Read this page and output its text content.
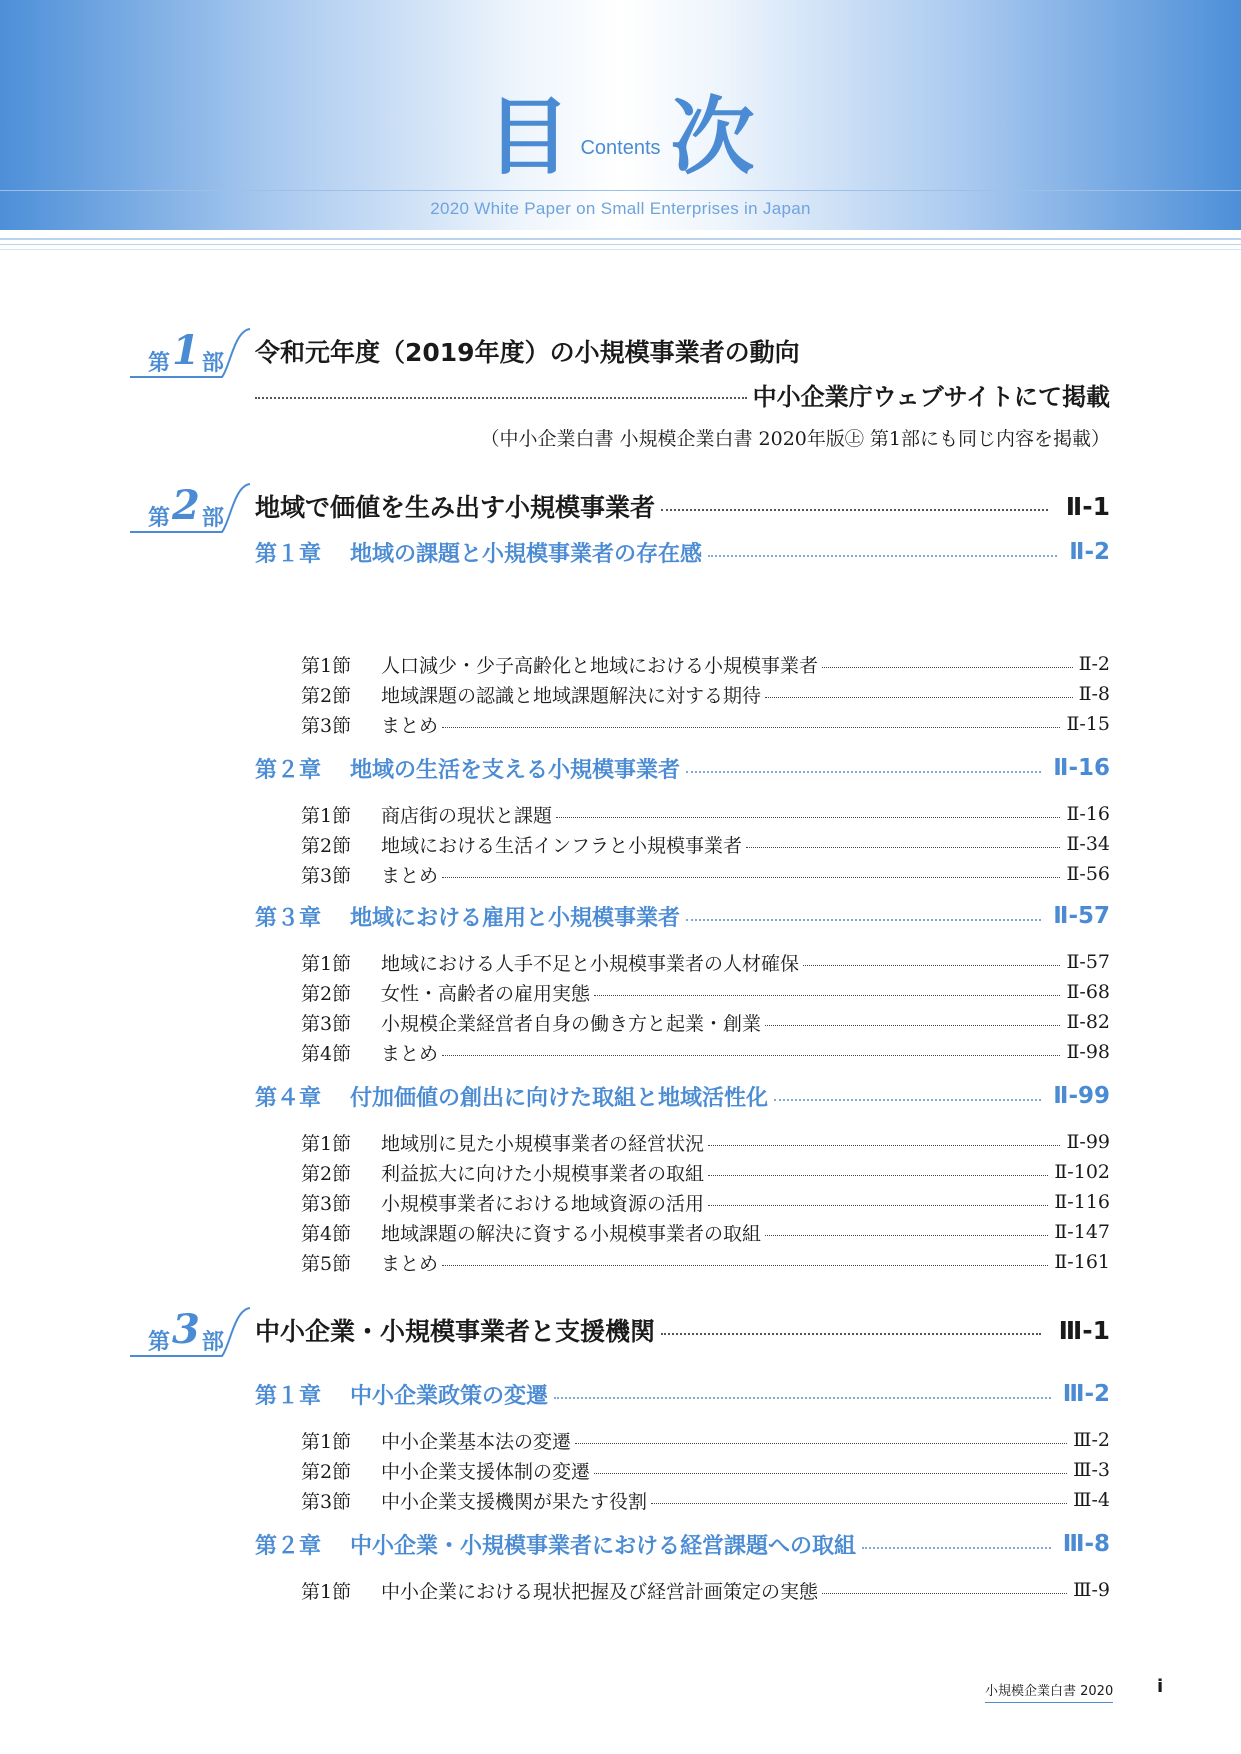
目 Contents 次
2020 White Paper on Small Enterprises in Japan
第1部 令和元年度（2019年度）の小規模事業者の動向
中小企業庁ウェブサイトにて掲載
（中小企業白書 小規模企業白書 2020年版㊤ 第1部にも同じ内容を掲載）
第2部 地域で価値を生み出す小規模事業者	Ⅱ-1
第１章	地域の課題と小規模事業者の存在感	Ⅱ-2
第1節	人口減少・少子高齢化と地域における小規模事業者	Ⅱ-2
第2節	地域課題の認識と地域課題解決に対する期待	Ⅱ-8
第3節	まとめ	Ⅱ-15
第２章	地域の生活を支える小規模事業者	Ⅱ-16
第1節	商店街の現状と課題	Ⅱ-16
第2節	地域における生活インフラと小規模事業者	Ⅱ-34
第3節	まとめ	Ⅱ-56
第３章	地域における雇用と小規模事業者	Ⅱ-57
第1節	地域における人手不足と小規模事業者の人材確保	Ⅱ-57
第2節	女性・高齢者の雇用実態	Ⅱ-68
第3節	小規模企業経営者自身の働き方と起業・創業	Ⅱ-82
第4節	まとめ	Ⅱ-98
第４章	付加価値の創出に向けた取組と地域活性化	Ⅱ-99
第1節	地域別に見た小規模事業者の経営状況	Ⅱ-99
第2節	利益拡大に向けた小規模事業者の取組	Ⅱ-102
第3節	小規模事業者における地域資源の活用	Ⅱ-116
第4節	地域課題の解決に資する小規模事業者の取組	Ⅱ-147
第5節	まとめ	Ⅱ-161
第3部 中小企業・小規模事業者と支援機関	Ⅲ-1
第１章	中小企業政策の変遷	Ⅲ-2
第1節	中小企業基本法の変遷	Ⅲ-2
第2節	中小企業支援体制の変遷	Ⅲ-3
第3節	中小企業支援機関が果たす役割	Ⅲ-4
第２章	中小企業・小規模事業者における経営課題への取組	Ⅲ-8
第1節	中小企業における現状把握及び経営計画策定の実態	Ⅲ-9
小規模企業白書 2020 i
